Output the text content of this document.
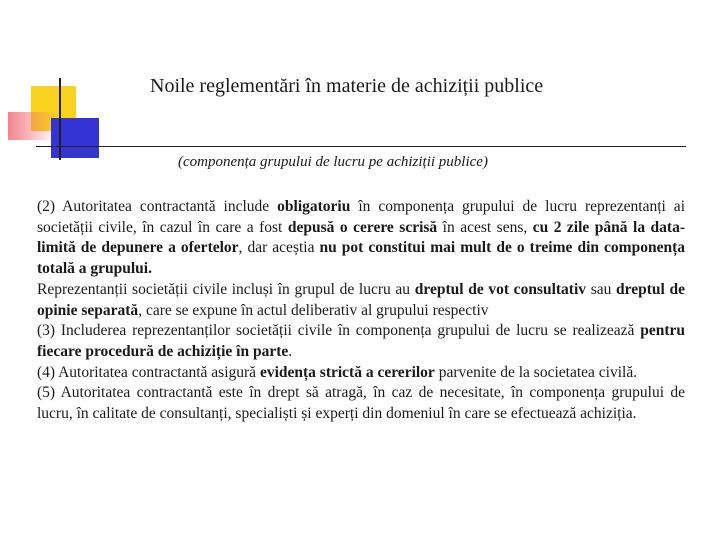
Noile reglementări în materie de achiziții publice
(componența grupului de lucru pe achiziții publice)

(2) Autoritatea contractantă include obligatoriu în componența grupului de lucru reprezentanți ai societății civile, în cazul în care a fost depusă o cerere scrisă în acest sens, cu 2 zile până la data-limită de depunere a ofertelor, dar aceștia nu pot constitui mai mult de o treime din componența totală a grupului.

Reprezentanții societății civile incluși în grupul de lucru au dreptul de vot consultativ sau dreptul de opinie separată, care se expune în actul deliberativ al grupului respectiv

(3) Includerea reprezentanților societății civile în componența grupului de lucru se realizează pentru fiecare procedură de achiziție în parte.

(4) Autoritatea contractantă asigură evidența strictă a cererilor parvenite de la societatea civilă.

(5) Autoritatea contractantă este în drept să atragă, în caz de necesitate, în componența grupului de lucru, în calitate de consultanți, specialiști și experți din domeniul în care se efectuează achiziția.
